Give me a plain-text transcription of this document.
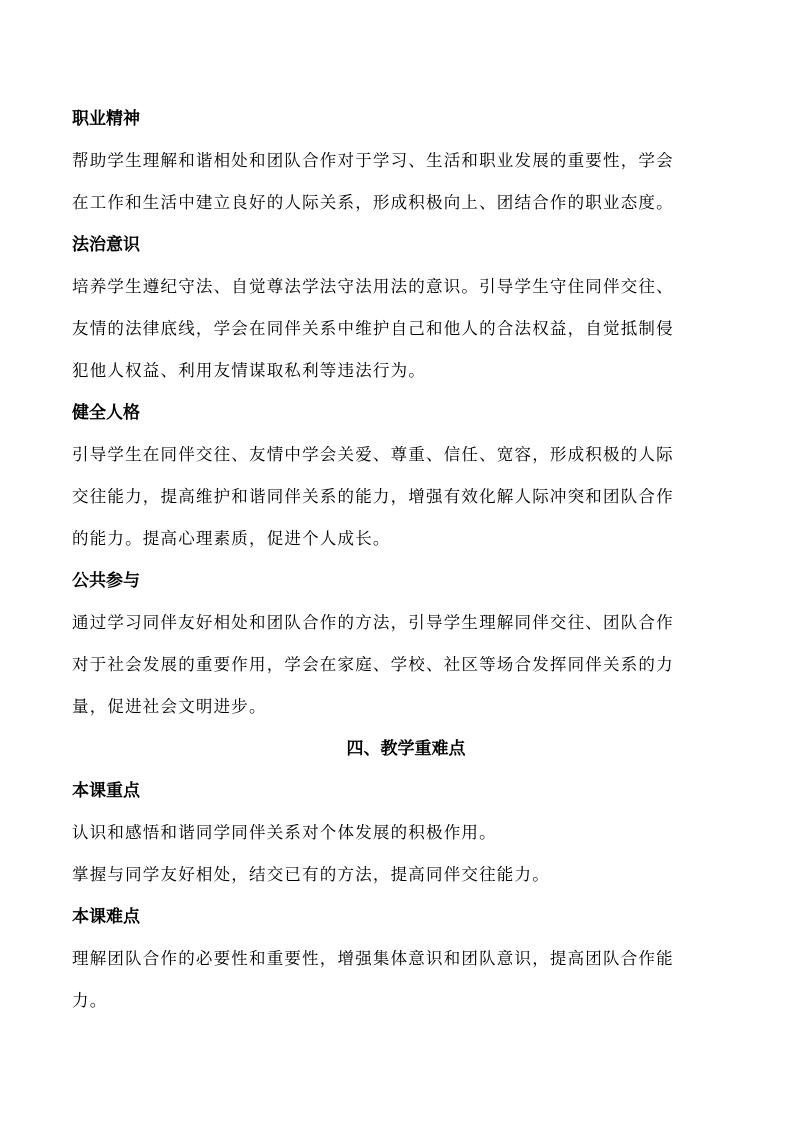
职业精神
帮助学生理解和谐相处和团队合作对于学习、生活和职业发展的重要性，学会
在工作和生活中建立良好的人际关系，形成积极向上、团结合作的职业态度。
法治意识
培养学生遵纪守法、自觉尊法学法守法用法的意识。引导学生守住同伴交往、
友情的法律底线，学会在同伴关系中维护自己和他人的合法权益，自觉抵制侵
犯他人权益、利用友情谋取私利等违法行为。
健全人格
引导学生在同伴交往、友情中学会关爱、尊重、信任、宽容，形成积极的人际
交往能力，提高维护和谐同伴关系的能力，增强有效化解人际冲突和团队合作
的能力。提高心理素质，促进个人成长。
公共参与
通过学习同伴友好相处和团队合作的方法，引导学生理解同伴交往、团队合作
对于社会发展的重要作用，学会在家庭、学校、社区等场合发挥同伴关系的力
量，促进社会文明进步。
四、教学重难点
本课重点
认识和感悟和谐同学同伴关系对个体发展的积极作用。
掌握与同学友好相处，结交已有的方法，提高同伴交往能力。
本课难点
理解团队合作的必要性和重要性，增强集体意识和团队意识，提高团队合作能
力。
